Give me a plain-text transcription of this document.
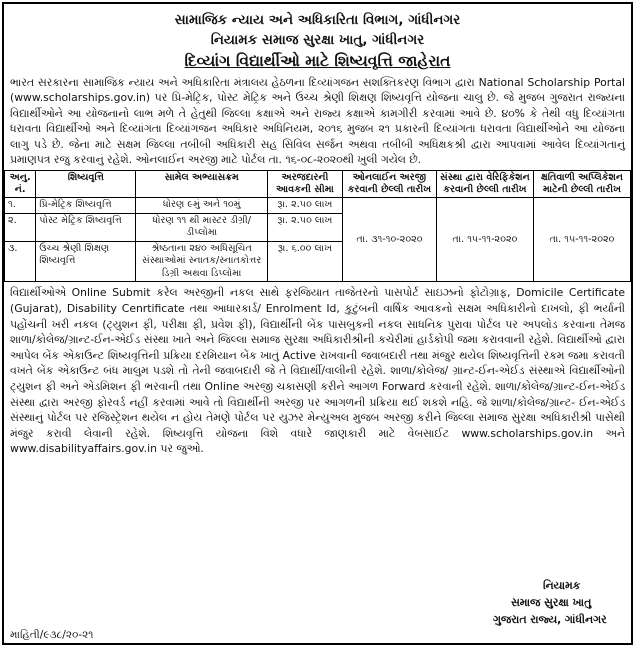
સામાજિક ન્યાય અને અધિકારિતા વિભાગ, ગાંધીનગર
નિયામક સમાજ સુરક્ષા ખાતુ, ગાંધીનગર
દિવ્યાંગ વિદ્યાર્થીઓ માટે શિષ્યવૃત્તિ જાહેરાત
ભારત સરકારના સામાજિક ન્યાય અને અધિકારિતા મંત્રાલય હેઠળના દિવ્યાંગજન સશક્તિકરણ વિભાગ દ્વારા National Scholarship Portal (www.scholarships.gov.in) પર પ્રિ-મેટ્રિક, પોસ્ટ મેટ્રિક અને ઉચ્ચ શ્રેણી શિક્ષણ શિષ્યવૃત્તિ યોજના ચાલુ છે. જે મુજબ ગુજરાત રાજ્યના વિદ્યાર્થીઓને આ યોજનાનો લાભ મળે તે હેતુથી જિલ્લા કક્ષાએ અને રાજ્ય કક્ષાએ કામગીરી કરવામાં આવે છે. ૪૦% કે તેથી વધુ દિવ્યાંગતા ધરાવતા વિદ્યાર્થીઓ અને દિવ્યાંગતા દિવ્યાંગજન અધિકાર અધિનિયમ, ૨૦૧૬ મુજબ ૨૧ પ્રકારની દિવ્યાંગતા ધરાવતા વિદ્યાર્થીઓને આ યોજના લાગુ પડે છે. જેના માટે સક્ષમ જિલ્લા તબીબી અધિકારી સહ સિવિલ સર્જન અથવા તબીબી અધિક્ષકશ્રી દ્વારા આપવામાં આવેલ દિવ્યાંગતાનું પ્રમાણપત્ર રજુ કરવાનું રહેશે. ઓનલાઈન અરજી માટે પોર્ટલ તા. ૧૬-૦૮-૨૦૨૦થી ખુલી ગયેલ છે.
અનુ. નં.	શિષ્યવૃત્તિ	સામેલ અભ્યાસક્રમ	અરજદારની આવકની સીમા	ઓનલાઈન અરજી કરવાની છેલ્લી તારીખ	સંસ્થા દ્વારા વેરિફિકેશન કરવાની છેલ્લી તારીખ	ક્ષતિવાળી અપ્લિકેશન માટેની છેલ્લી તારીખ
૧.	પ્રિ-મેટ્રિક શિષ્યવૃત્તિ	ધોરણ ૯મું અને ૧૦મું	રૂા. ૨.૫૦ લાખ	તા. ૩૧-૧૦-૨૦૨૦	તા. ૧૫-૧૧-૨૦૨૦	તા. ૧૫-૧૧-૨૦૨૦
૨.	પોસ્ટ મેટ્રિક શિષ્યવૃત્તિ	ધોરણ ૧૧ થી માસ્ટર ડીગ્રી/ડીપ્લોમા	રૂા. ૨.૫૦ લાખ			
૩.	ઉચ્ચ શ્રેણી શિક્ષણ શિષ્યવૃત્તિ	શ્રેષ્ઠતાના ૨૪૦ અધિસૂચિત સંસ્થાઓમાં સ્નાતક/સ્નાતકોત્તર ડિગ્રી અથવા ડિપ્લોમા	રૂા. ૬.૦૦ લાખ			
વિદ્યાર્થીઓએ Online Submit કરેલ અરજીની નકલ સાથે ફરજિયાત તાજેતરનો પાસપોર્ટ સાઇઝનો ફોટોગ્રાફ, Domicile Certificate (Gujarat), Disability Cenrtificate તથા આધારકાર્ડ/ Enrolment Id, કુટુંબની વાર્ષિક આવકનો સક્ષમ અધિકારીનો દાખલો, ફી ભર્યાની પહોંચની ખરી નકલ (ટ્યુશન ફી, પરીક્ષા ફી, પ્રવેશ ફી), વિદ્યાર્થીની બેંક પાસબુકની નકલ સાધનિક પુરાવા પોર્ટલ પર અપલોડ કરવાના તેમજ શાળા/કોલેજ/ગ્રાન્ટ-ઈન-એઈડ સંસ્થા ખાતે અને જિલ્લા સમાજ સુરક્ષા અધિકારીશ્રીની કચેરીમાં હાર્ડકોપી જમા કરાવવાની રહેશે. વિદ્યાર્થીઓ દ્વારા આપેલ બેંક એકાઉન્ટ શિષ્યવૃત્તિની પ્રક્રિયા દરમિયાન બેંક ખાતું Active રાખવાની જવાબદારી તથા મંજુર થયેલ શિષ્યવૃત્તિની રકમ જમા કરાવતી વખતે બેંક એકાઉન્ટ બંધ માલુમ પડશે તો તેની જવાબદારી જે તે વિદ્યાર્થી/વાલીની રહેશે. શાળા/કોલેજ/ ગ્રાન્ટ-ઈન-એઈડ સંસ્થાએ વિદ્યાર્થીઓની ટ્યુશન ફી અને એડમિશન ફી ભરવાની તથા Online અરજી ચકાસણી કરીને આગળ Forward કરવાની રહેશે. શાળા/કોલેજ/ગ્રાન્ટ-ઈન-એઈડ સંસ્થા દ્વારા અરજી ફોરવર્ડ નહીં કરવામાં આવે તો વિદ્યાર્થીની અરજી પર આગળની પ્રક્રિયા થઈ શકશે નહિ. જે શાળા/કોલેજ/ગ્રાન્ટ- ઈન-એઈડ સંસ્થાનું પોર્ટલ પર રજિસ્ટ્રેશન થયેલ ન હોય તેમણે પોર્ટલ પર યુઝર મેન્યુઅલ મુજબ અરજી કરીને જિલ્લા સમાજ સુરક્ષા અધિકારીશ્રી પાસેથી મંજુર કરાવી લેવાની રહેશે. શિષ્યવૃત્તિ યોજના વિશે વધારે જાણકારી માટે વેબસાઈટ www.scholarships.gov.in અને www.disabilityaffairs.gov.in પર જુઓ.
નિયામક
સમાજ સુરક્ષા ખાતુ
ગુજરાત રાજ્ય, ગાંધીનગર
માહિતી/૯૩૮/૨૦-૨૧
